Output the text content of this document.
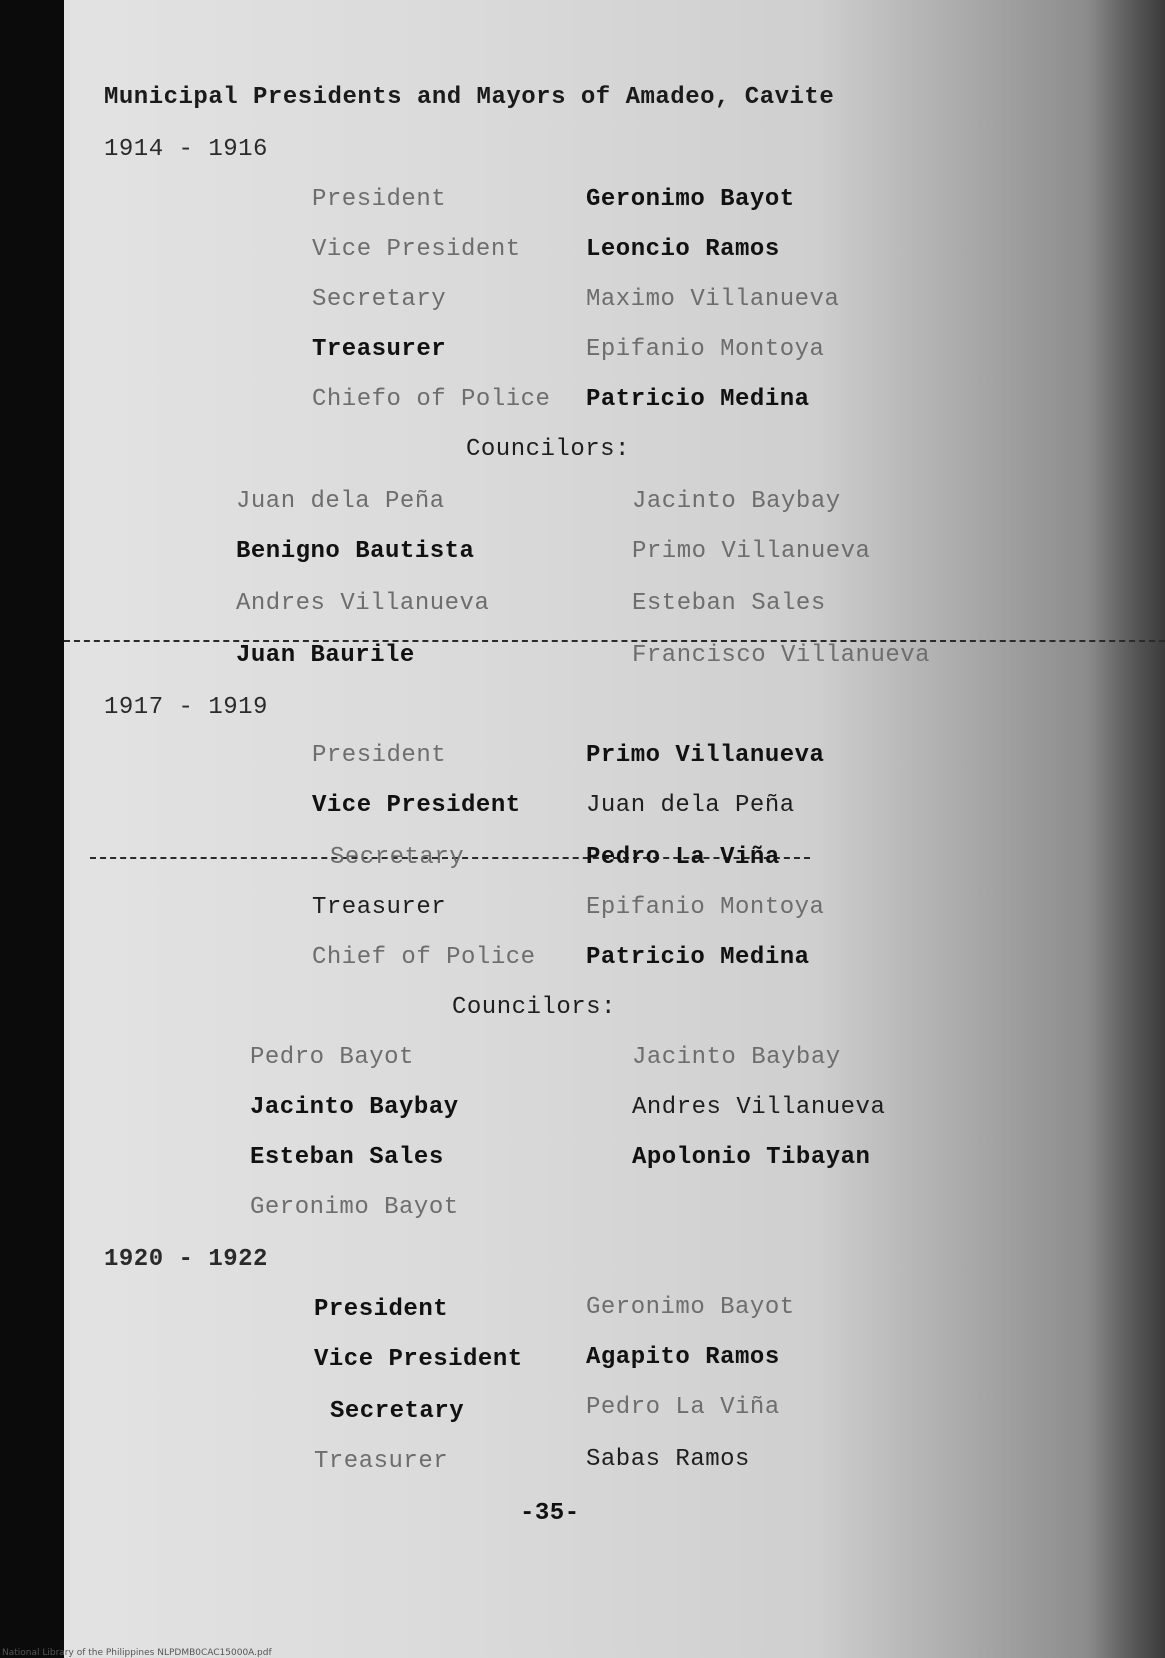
Municipal Presidents and Mayors of Amadeo, Cavite
1914 - 1916
President	Geronimo Bayot
Vice President	Leoncio Ramos
Secretary	Maximo Villanueva
Treasurer	Epifanio Montoya
Chiefo of Police Patricio Medina
Councilors:
Juan dela Peña	Jacinto Baybay
Benigno Bautista	Primo Villanueva
Andres Villanueva	Esteban Sales
Juan Baurile	Francisco Villanueva
1917 - 1919
President	Primo Villanueva
Vice President	Juan dela Peña
Secretary	Pedro La Viña
Treasurer	Epifanio Montoya
Chief of Police Patricio Medina
Councilors:
Pedro Bayot	Jacinto Baybay
Jacinto Baybay	Andres Villanueva
Esteban Sales	Apolonio Tibayan
Geronimo Bayot
1920 - 1922
President	Geronimo Bayot
Vice President	Agapito Ramos
Secretary	Pedro La Viña
Treasurer	Sabas Ramos
-35-
National Library of the Philippines NLPDMB0CAC15000A.pdf
